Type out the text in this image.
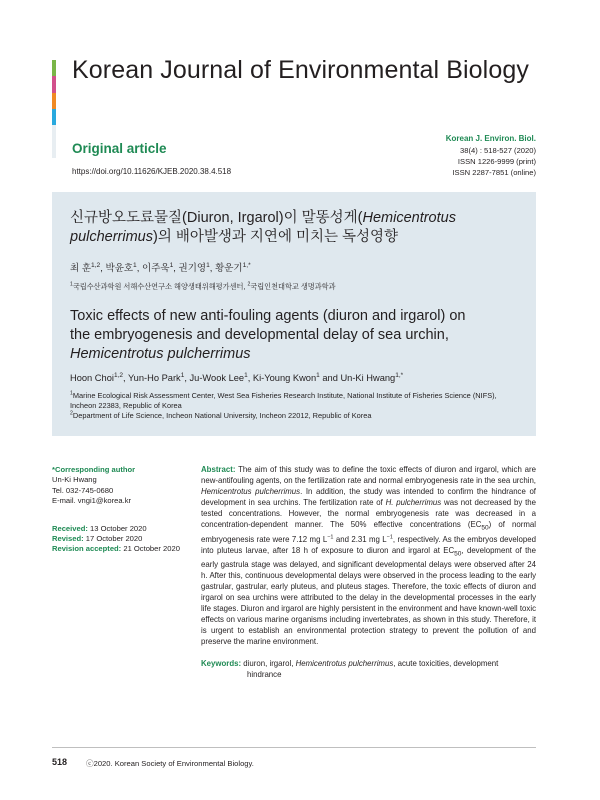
Korean Journal of Environmental Biology
Original article
https://doi.org/10.11626/KJEB.2020.38.4.518
Korean J. Environ. Biol.
38(4) : 518-527 (2020)
ISSN 1226-9999 (print)
ISSN 2287-7851 (online)
신규방오도료물질(Diuron, Irgarol)이 말똥성게(Hemicentrotus pulcherrimus)의 배아발생과 지연에 미치는 독성영향
최 훈$^{1,2}$, 박윤호$^1$, 이주욱$^1$, 권기영$^1$, 황운기$^{1,*}$
$^1$국립수산과학원 서해수산연구소 해양생태위해평가센터, $^2$국립인천대학교 생명과학과
Toxic effects of new anti-fouling agents (diuron and irgarol) on
the embryogenesis and developmental delay of sea urchin,
Hemicentrotus pulcherrimus
Hoon Choi$^{1,2}$, Yun-Ho Park$^1$, Ju-Wook Lee$^1$, Ki-Young Kwon$^1$ and Un-Ki Hwang$^{1,*}$
$^1$Marine Ecological Risk Assessment Center, West Sea Fisheries Research Institute, National Institute of Fisheries Science (NIFS), Incheon 22383, Republic of Korea
$^2$Department of Life Science, Incheon National University, Incheon 22012, Republic of Korea
*Corresponding author
Un-Ki Hwang
Tel. 032-745-0680
E-mail. vngi1@korea.kr
Received: 13 October 2020
Revised: 17 October 2020
Revision accepted: 21 October 2020
Abstract: The aim of this study was to define the toxic effects of diuron and irgarol, which are new-antifouling agents, on the fertilization rate and normal embryogenesis rate in the sea urchin, Hemicentrotus pulcherrimus. In addition, the study was intended to confirm the hindrance of development in sea urchins. The fertilization rate of H. pulcherrimus was not decreased by the tested concentrations. However, the normal embryogenesis rate was decreased in a concentration-dependent manner. The 50% effective concentrations $(EC_{50})$ of normal embryogenesis rate were 7.12 mg $L^{-1}$ and 2.31 mg $L^{-1}$, respectively. As the embryos developed into pluteus larvae, after 18 h of exposure to diuron and irgarol at $EC_{50}$, development of the early gastrula stage was delayed, and significant developmental delays were observed after 24 h. After this, continuous developmental delays were observed in the process leading to the early gastrular, gastrular, early pluteus, and pluteus stages. Therefore, the toxic effects of diuron and irgarol on sea urchins were attributed to the delay in the developmental processes in the early life stages. Diuron and irgarol are highly persistent in the environment and have known-well toxic effects on various marine organisms including invertebrates, as shown in this study. Therefore, it is urgent to establish an environmental protection strategy to prevent the pollution of and preserve the marine environment.
Keywords: diuron, irgarol, Hemicentrotus pulcherrimus, acute toxicities, development
hindrance
518 ⓒ2020. Korean Society of Environmental Biology.
